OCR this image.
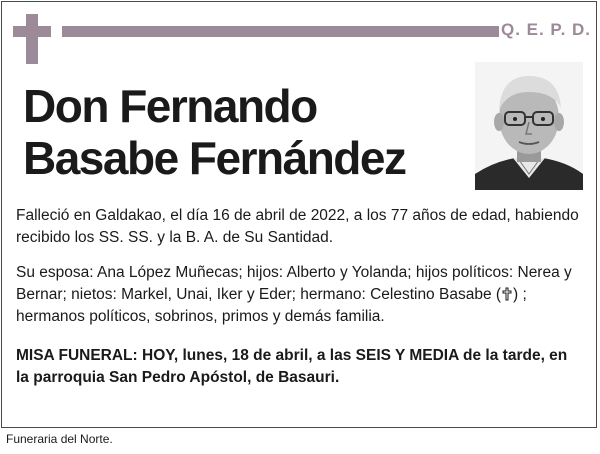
Q. E. P. D.
Don Fernando
Basabe Fernández

Falleció en Galdakao, el día 16 de abril de 2022, a los 77 años de edad, habiendo recibido los SS. SS. y la B. A. de Su Santidad.

Su esposa: Ana López Muñecas; hijos: Alberto y Yolanda; hijos políticos: Nerea y Bernar; nietos: Markel, Unai, Iker y Eder; hermano: Celestino Basabe ( ) ; hermanos políticos, sobrinos, primos y demás familia.

MISA FUNERAL: HOY, lunes, 18 de abril, a las SEIS Y MEDIA de la tarde, en la parroquia San Pedro Apóstol, de Basauri.

Funeraria del Norte.
